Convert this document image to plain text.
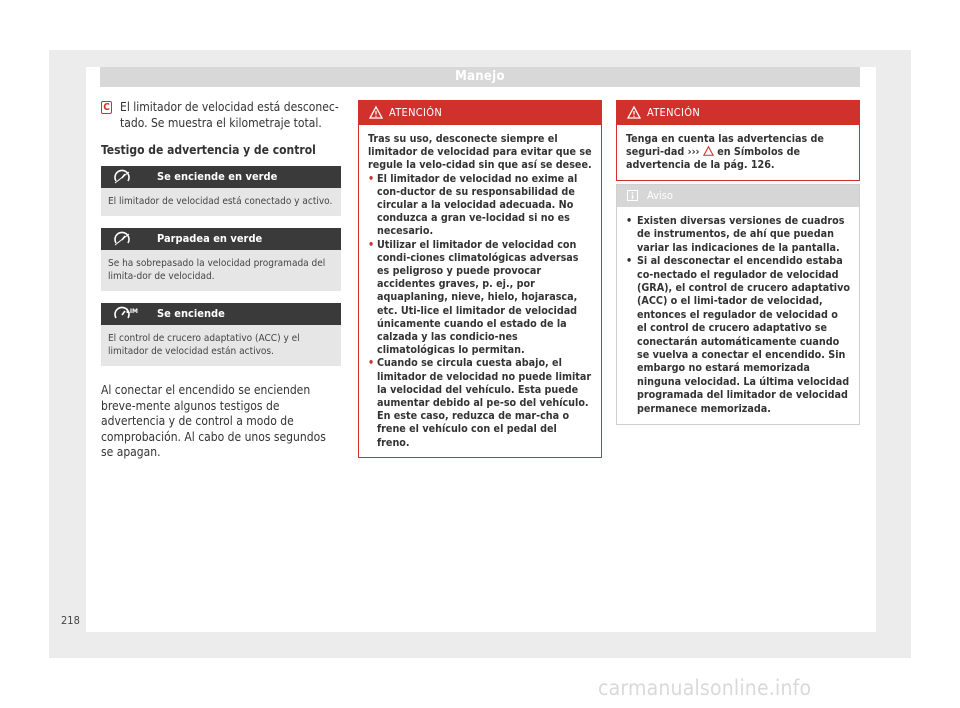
Manejo
C El limitador de velocidad está desconec-tado. Se muestra el kilometraje total.
Testigo de advertencia y de control
Se enciende en verde
El limitador de velocidad está conectado y activo.
Parpadea en verde
Se ha sobrepasado la velocidad programada del limita-dor de velocidad.
LIM Se enciende
El control de crucero adaptativo (ACC) y el limitador de velocidad están activos.
Al conectar el encendido se encienden breve-mente algunos testigos de advertencia y de control a modo de comprobación. Al cabo de unos segundos se apagan.
ATENCIÓN

Tras su uso, desconecte siempre el limitador de velocidad para evitar que se regule la velo-cidad sin que así se desee.

• El limitador de velocidad no exime al con-ductor de su responsabilidad de circular a la velocidad adecuada. No conduzca a gran ve-locidad si no es necesario.
• Utilizar el limitador de velocidad con condi-ciones climatológicas adversas es peligroso y puede provocar accidentes graves, p. ej., por aquaplaning, nieve, hielo, hojarasca, etc. Uti-lice el limitador de velocidad únicamente cuando el estado de la calzada y las condicio-nes climatológicas lo permitan.
• Cuando se circula cuesta abajo, el limitador de velocidad no puede limitar la velocidad del vehículo. Esta puede aumentar debido al pe-so del vehículo. En este caso, reduzca de mar-cha o frene el vehículo con el pedal del freno.
ATENCIÓN
Tenga en cuenta las advertencias de seguri-dad ››› en Símbolos de advertencia de la pág. 126.
Aviso
• Existen diversas versiones de cuadros de instrumentos, de ahí que puedan variar las indicaciones de la pantalla.
• Si al desconectar el encendido estaba co-nectado el regulador de velocidad (GRA), el control de crucero adaptativo (ACC) o el limi-tador de velocidad, entonces el regulador de velocidad o el control de crucero adaptativo se conectarán automáticamente cuando se vuelva a conectar el encendido. Sin embargo no estará memorizada ninguna velocidad. La última velocidad programada del limitador de velocidad permanece memorizada.
218
carmanualsonline.info
